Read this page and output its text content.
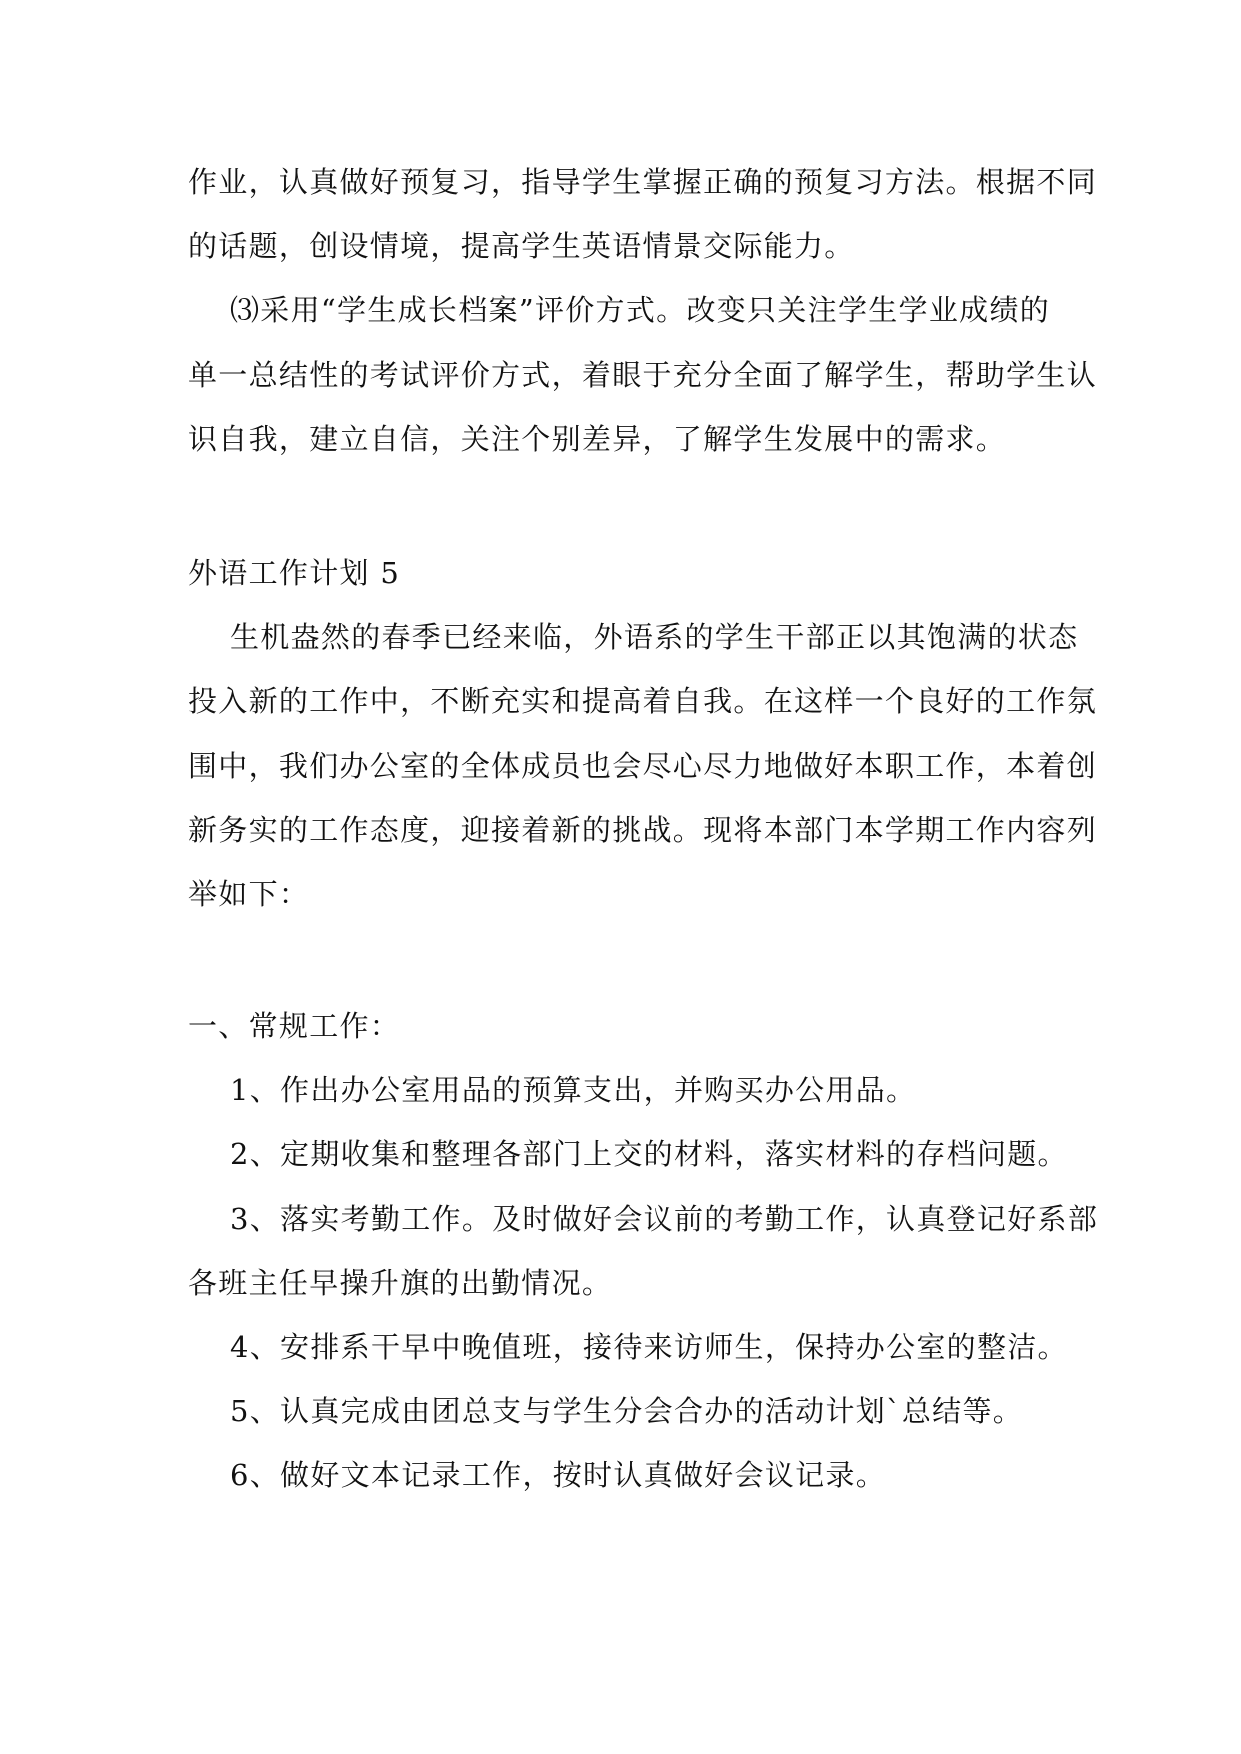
作业，认真做好预复习，指导学生掌握正确的预复习方法。根据不同
的话题，创设情境，提高学生英语情景交际能力。
⑶采用“学生成长档案”评价方式。改变只关注学生学业成绩的
单一总结性的考试评价方式，着眼于充分全面了解学生，帮助学生认
识自我，建立自信，关注个别差异，了解学生发展中的需求。
外语工作计划 5
生机盎然的春季已经来临，外语系的学生干部正以其饱满的状态
投入新的工作中，不断充实和提高着自我。在这样一个良好的工作氛
围中，我们办公室的全体成员也会尽心尽力地做好本职工作，本着创
新务实的工作态度，迎接着新的挑战。现将本部门本学期工作内容列
举如下：
一、常规工作：
1、作出办公室用品的预算支出，并购买办公用品。
2、定期收集和整理各部门上交的材料，落实材料的存档问题。
3、落实考勤工作。及时做好会议前的考勤工作，认真登记好系部
各班主任早操升旗的出勤情况。
4、安排系干早中晚值班，接待来访师生，保持办公室的整洁。
5、认真完成由团总支与学生分会合办的活动计划`总结等。
6、做好文本记录工作，按时认真做好会议记录。
